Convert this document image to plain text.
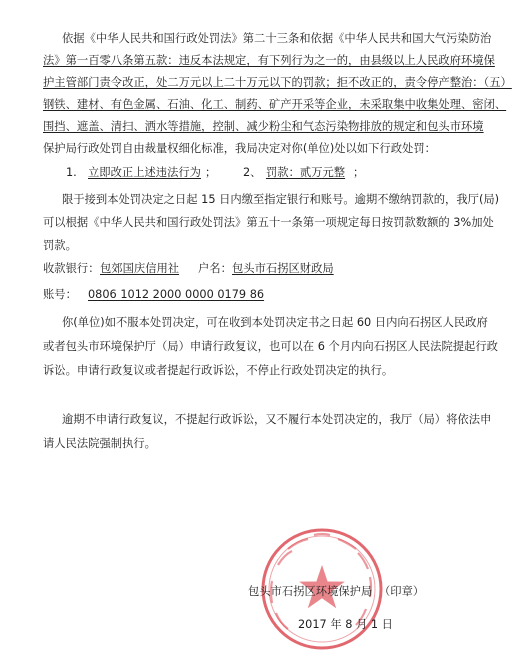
依据《中华人民共和国行政处罚法》第二十三条和依据《中华人民共和国大气污染防治
法》第一百零八条第五款：违反本法规定，有下列行为之一的，由县级以上人民政府环境保
护主管部门责令改正，处二万元以上二十万元以下的罚款；拒不改正的，责令停产整治：（五）
钢铁、建材、有色金属、石油、化工、制药、矿产开采等企业，未采取集中收集处理、密闭、
围挡、遮盖、清扫、洒水等措施，控制、减少粉尘和气态污染物排放的规定和包头市环境
保护局行政处罚自由裁量权细化标准，我局决定对你(单位)处以如下行政处罚：
1. 立即改正上述违法行为 ； 2、 罚款：贰万元整 ；
限于接到本处罚决定之日起 15 日内缴至指定银行和账号。逾期不缴纳罚款的，我厅(局)
可以根据《中华人民共和国行政处罚法》第五十一条第一项规定每日按罚款数额的 3%加处
罚款。
收款银行： 包郊国庆信用社 户名： 包头市石拐区财政局
账号： 0806 1012 2000 0000 0179 86
你(单位)如不服本处罚决定，可在收到本处罚决定书之日起 60 日内向石拐区人民政府
或者包头市环境保护厅（局）申请行政复议，也可以在 6 个月内向石拐区人民法院提起行政
诉讼。申请行政复议或者提起行政诉讼，不停止行政处罚决定的执行。
逾期不申请行政复议，不提起行政诉讼，又不履行本处罚决定的，我厅（局）将依法申
请人民法院强制执行。
包头市石拐区环境保护局 （印章）
2017 年 8 月 1 日
